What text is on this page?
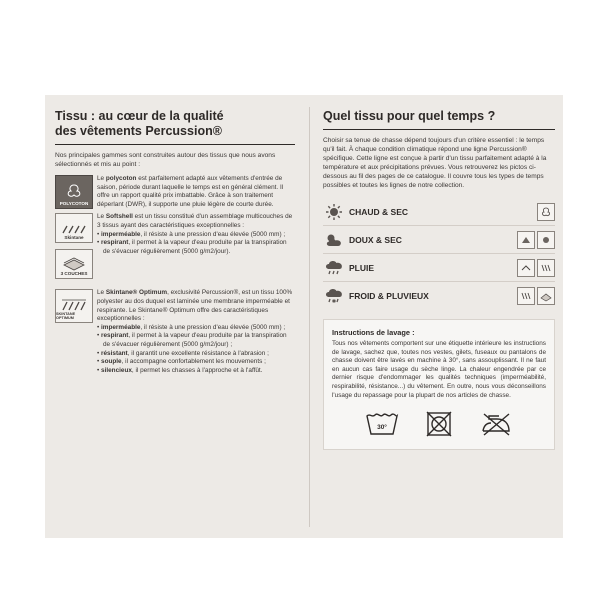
Tissu : au cœur de la qualité
des vêtements Percussion®

Nos principales gammes sont construites autour des tissus que nous avons sélectionnés et mis au point :

POLYCOTON

Le polycoton est parfaitement adapté aux vêtements d'entrée de saison, période durant laquelle le temps est en général clément. Il offre un rapport qualité prix imbattable. Grâce à son traitement déperlant (DWR), il supporte une pluie légère de courte durée.

Skintane
3 COUCHES

Le Softshell est un tissu constitué d'un assemblage multicouches de 3 tissus ayant des caractéristiques exceptionnelles :

• imperméable, il résiste à une pression d'eau élevée (5000 mm) ;
• respirant, il permet à la vapeur d'eau produite par la transpiration de s'évacuer régulièrement (5000 g/m2/jour).
SKINTANE OPTIMUM

Le Skintane® Optimum, exclusivité Percussion®, est un tissu 100% polyester au dos duquel est laminée une membrane imperméable et respirante. Le Skintane® Optimum offre des caractéristiques exceptionnelles :

• imperméable, il résiste à une pression d'eau élevée (5000 mm) ;
• respirant, il permet à la vapeur d'eau produite par la transpiration de s'évacuer régulièrement (5000 g/m2/jour) ;
• résistant, il garantit une excellente résistance à l'abrasion ;
• souple, il accompagne confortablement les mouvements ;
• silencieux, il permet les chasses à l'approche et à l'affût.
Quel tissu pour quel temps ?

Choisir sa tenue de chasse dépend toujours d'un critère essentiel : le temps qu'il fait. À chaque condition climatique répond une ligne Percussion® spécifique. Cette ligne est conçue à partir d'un tissu parfaitement adapté à la température et aux précipitations prévues. Vous retrouverez les pictos ci-dessous au fil des pages de ce catalogue. Il couvre tous les types de temps possibles et toutes les lignes de notre collection.

CHAUD & SEC
DOUX & SEC
PLUIE
FROID & PLUVIEUX
Instructions de lavage :

Tous nos vêtements comportent sur une étiquette intérieure les instructions de lavage, sachez que, toutes nos vestes, gilets, fuseaux ou pantalons de chasse doivent être lavés en machine à 30°, sans assouplissant. Il ne faut en aucun cas faire usage du sèche linge. La chaleur engendrée par ce dernier risque d'endommager les qualités techniques (imperméabilité, respirabilité, résistance...) du vêtement. En outre, nous vous déconseillons l'usage du repassage pour la plupart de nos articles de chasse.

30°
